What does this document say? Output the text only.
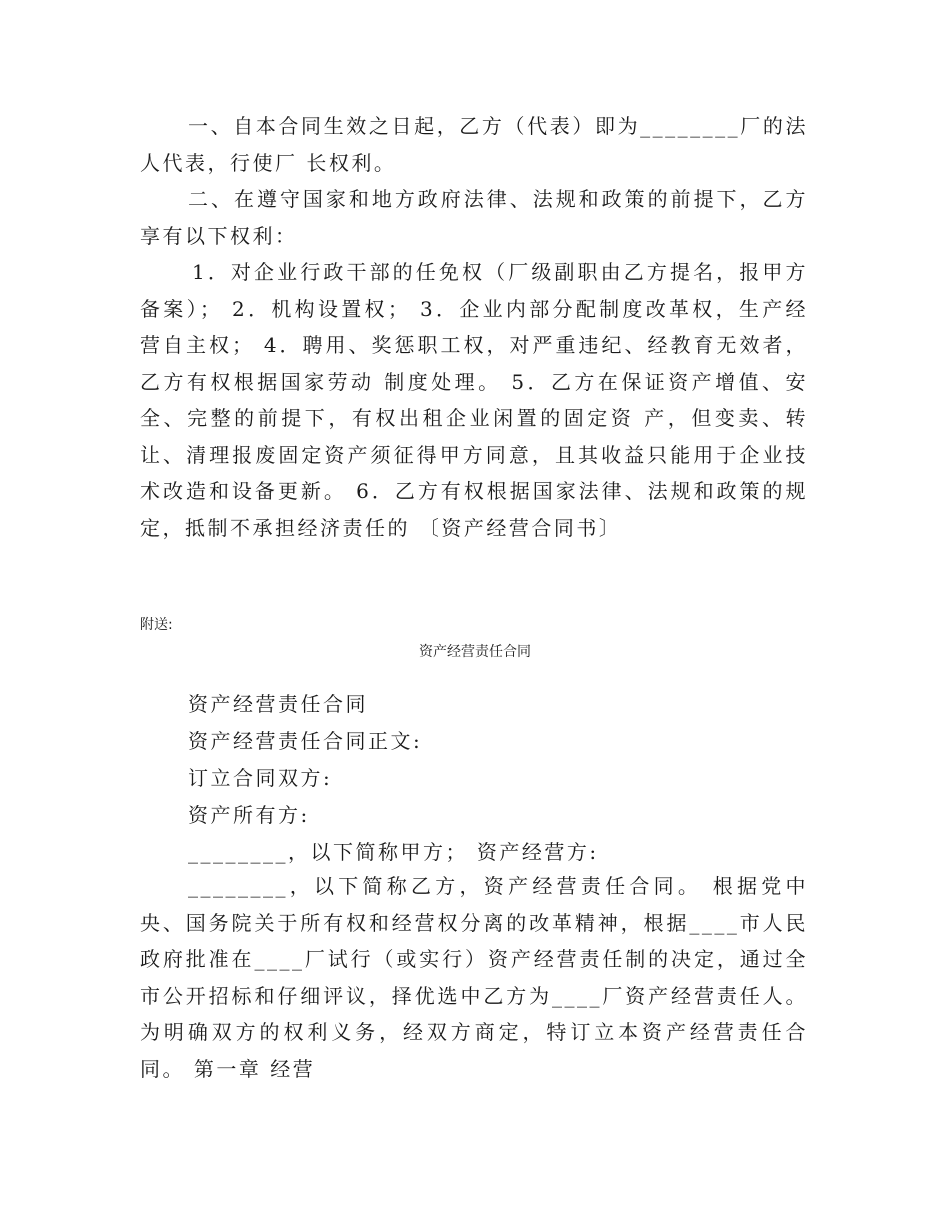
一、自本合同生效之日起，乙方（代表）即为________厂的法人代表，行使厂 长权利。

二、在遵守国家和地方政府法律、法规和政策的前提下，乙方享有以下权利：

1．对企业行政干部的任免权（厂级副职由乙方提名，报甲方备案）； 2．机构设置权； 3．企业内部分配制度改革权，生产经营自主权； 4．聘用、奖惩职工权，对严重违纪、经教育无效者，乙方有权根据国家劳动 制度处理。 5．乙方在保证资产增值、安全、完整的前提下，有权出租企业闲置的固定资 产，但变卖、转让、清理报废固定资产须征得甲方同意，且其收益只能用于企业技 术改造和设备更新。 6．乙方有权根据国家法律、法规和政策的规定，抵制不承担经济责任的 〔资产经营合同书〕

附送:

资产经营责任合同

资产经营责任合同

资产经营责任合同正文:

订立合同双方:

资产所有方:

________，以下简称甲方； 资产经营方:

________，以下简称乙方，资产经营责任合同。 根据党中央、国务院关于所有权和经营权分离的改革精神，根据____市人民政府批准在____厂试行（或实行）资产经营责任制的决定，通过全市公开招标和仔细评议，择优选中乙方为____厂资产经营责任人。为明确双方的权利义务，经双方商定，特订立本资产经营责任合同。 第一章 经营
